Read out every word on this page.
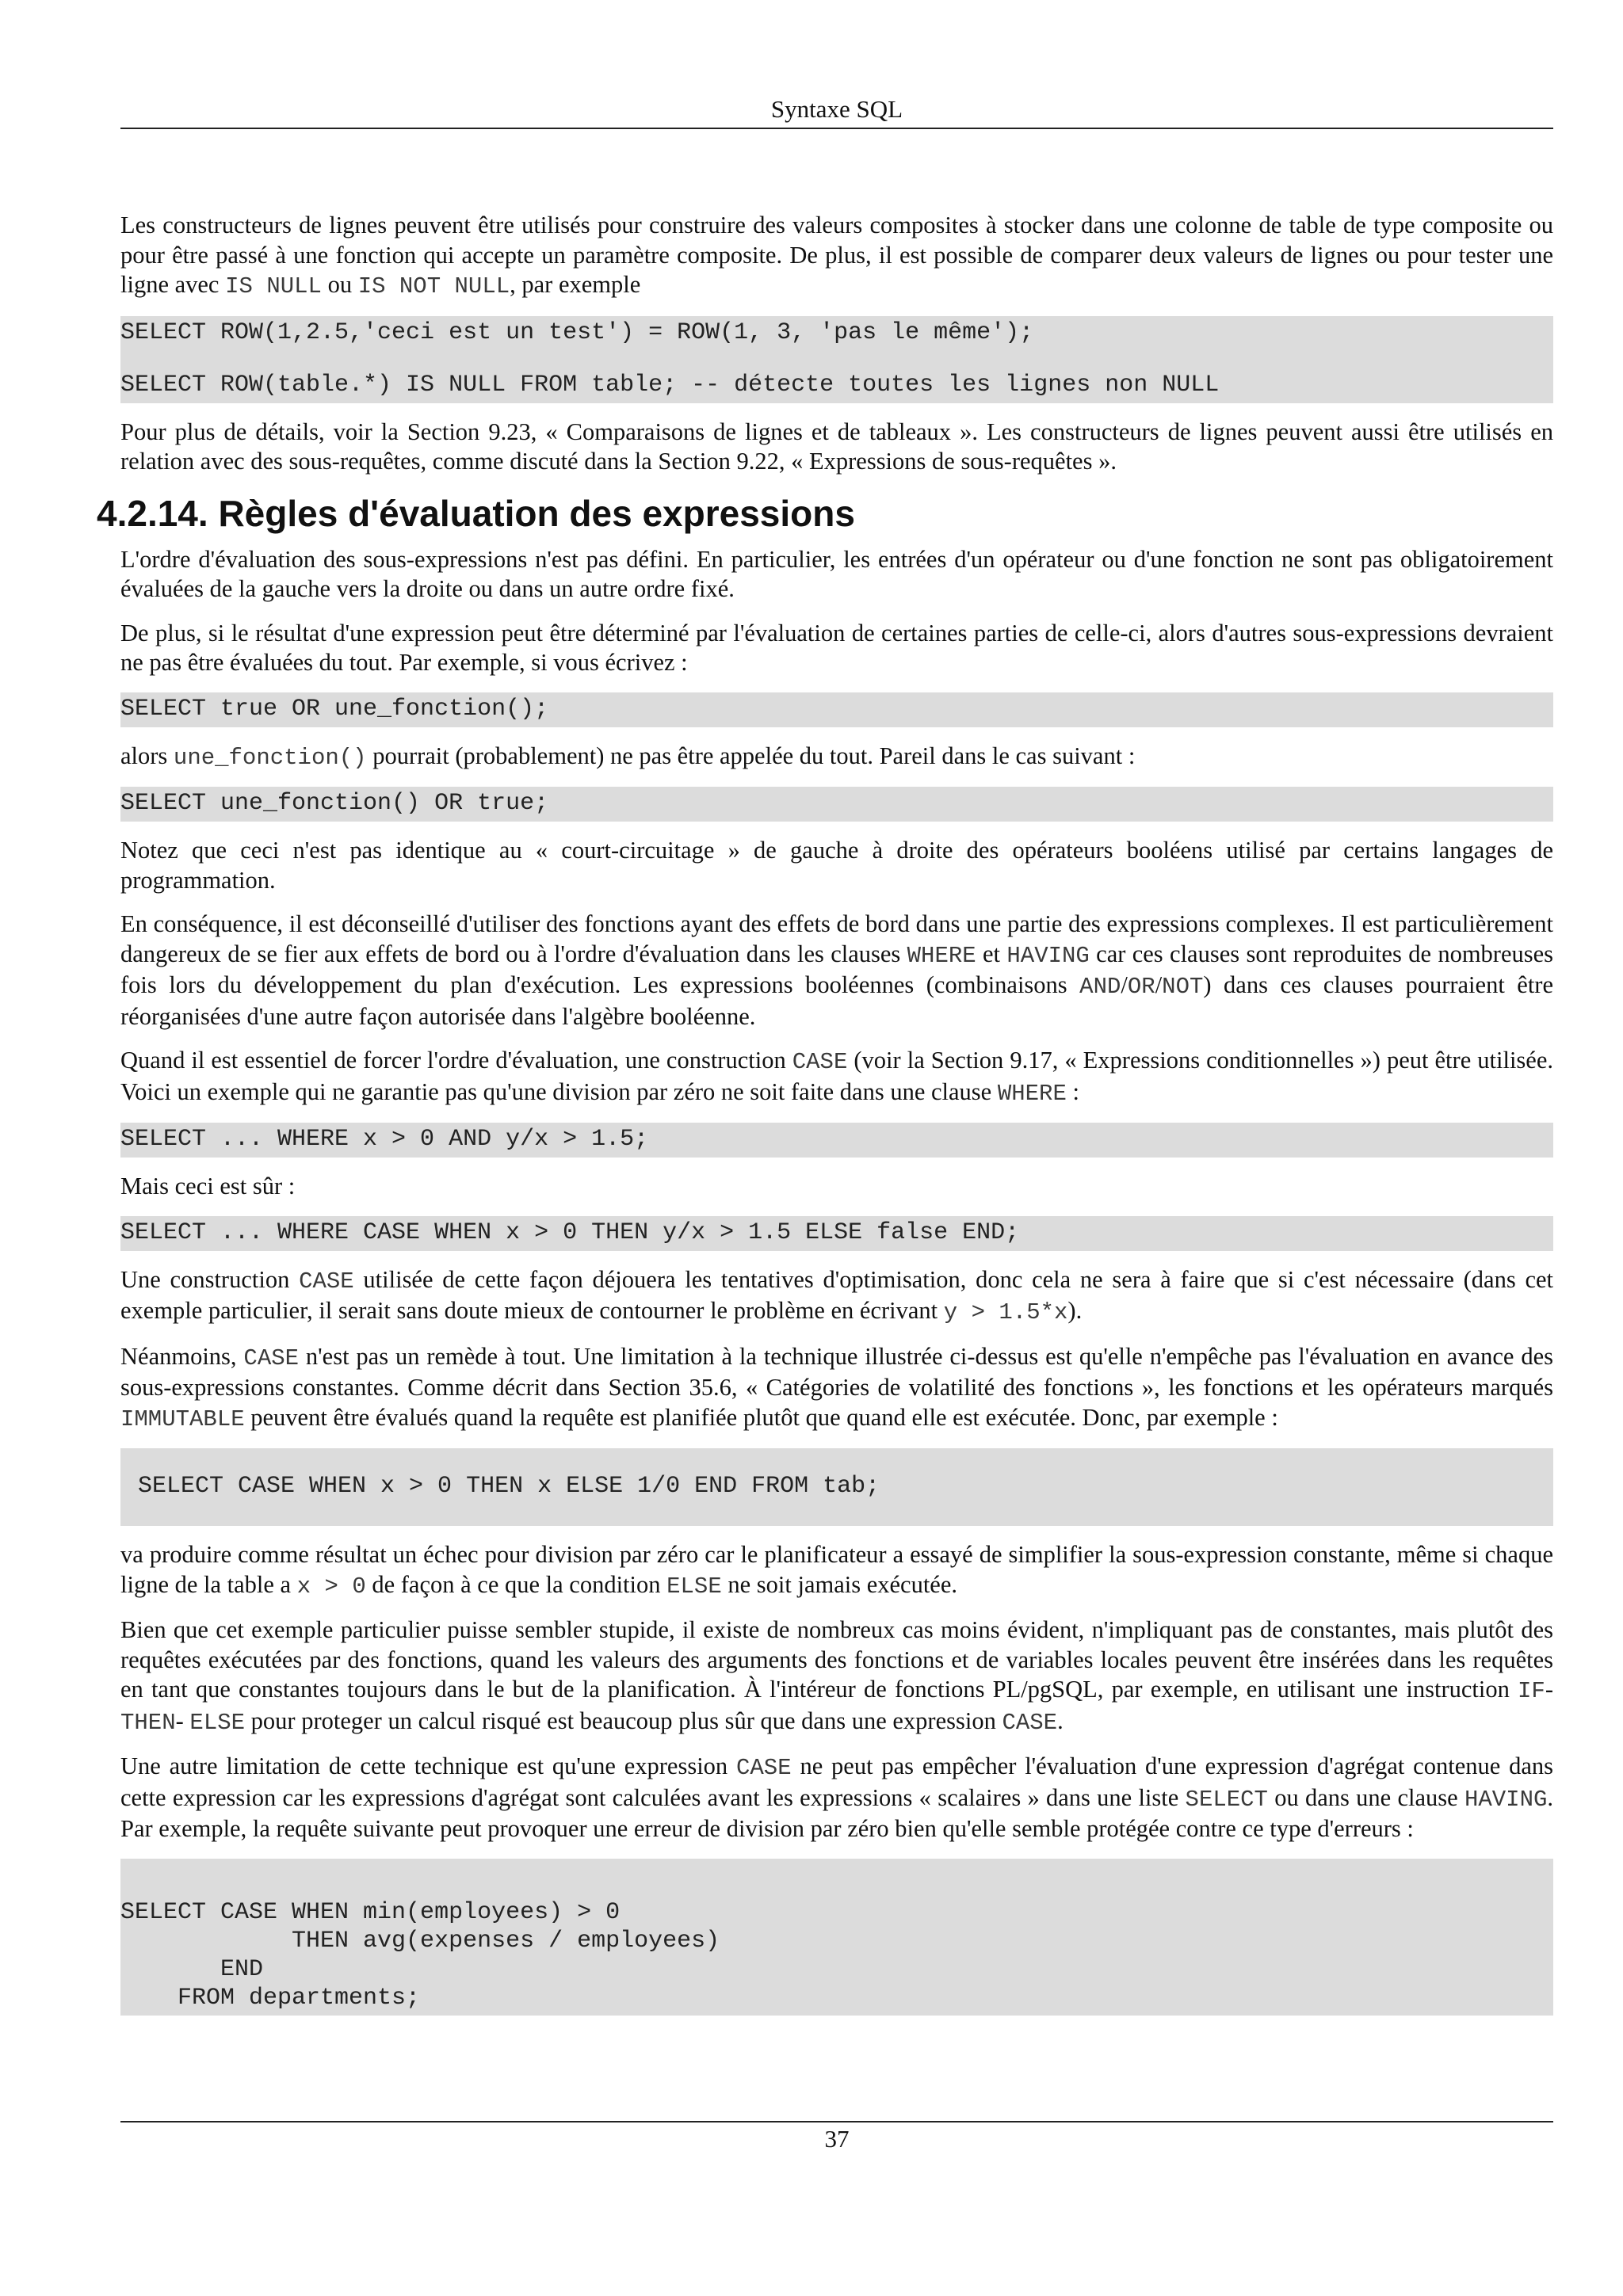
Syntaxe SQL

Les constructeurs de lignes peuvent être utilisés pour construire des valeurs composites à stocker dans une colonne de table de type composite ou pour être passé à une fonction qui accepte un paramètre composite. De plus, il est possible de comparer deux valeurs de lignes ou pour tester une ligne avec IS NULL ou IS NOT NULL, par exemple

SELECT ROW(1,2.5,'ceci est un test') = ROW(1, 3, 'pas le même');
SELECT ROW(table.*) IS NULL FROM table; -- détecte toutes les lignes non NULL

Pour plus de détails, voir la Section 9.23, « Comparaisons de lignes et de tableaux ». Les constructeurs de lignes peuvent aussi être utilisés en relation avec des sous-requêtes, comme discuté dans la Section 9.22, « Expressions de sous-requêtes ».

4.2.14. Règles d'évaluation des expressions

L'ordre d'évaluation des sous-expressions n'est pas défini. En particulier, les entrées d'un opérateur ou d'une fonction ne sont pas obligatoirement évaluées de la gauche vers la droite ou dans un autre ordre fixé.

De plus, si le résultat d'une expression peut être déterminé par l'évaluation de certaines parties de celle-ci, alors d'autres sous-expressions devraient ne pas être évaluées du tout. Par exemple, si vous écrivez :

SELECT true OR une_fonction();

alors une_fonction() pourrait (probablement) ne pas être appelée du tout. Pareil dans le cas suivant :

SELECT une_fonction() OR true;

Notez que ceci n'est pas identique au « court-circuitage » de gauche à droite des opérateurs booléens utilisé par certains langages de programmation.

En conséquence, il est déconseillé d'utiliser des fonctions ayant des effets de bord dans une partie des expressions complexes. Il est particulièrement dangereux de se fier aux effets de bord ou à l'ordre d'évaluation dans les clauses WHERE et HAVING car ces clauses sont reproduites de nombreuses fois lors du développement du plan d'exécution. Les expressions booléennes (combinaisons AND/OR/NOT) dans ces clauses pourraient être réorganisées d'une autre façon autorisée dans l'algèbre booléenne.

Quand il est essentiel de forcer l'ordre d'évaluation, une construction CASE (voir la Section 9.17, « Expressions conditionnelles ») peut être utilisée. Voici un exemple qui ne garantie pas qu'une division par zéro ne soit faite dans une clause WHERE :

SELECT ... WHERE x > 0 AND y/x > 1.5;

Mais ceci est sûr :

SELECT ... WHERE CASE WHEN x > 0 THEN y/x > 1.5 ELSE false END;

Une construction CASE utilisée de cette façon déjouera les tentatives d'optimisation, donc cela ne sera à faire que si c'est nécessaire (dans cet exemple particulier, il serait sans doute mieux de contourner le problème en écrivant y > 1.5*x).

Néanmoins, CASE n'est pas un remède à tout. Une limitation à la technique illustrée ci-dessus est qu'elle n'empêche pas l'évaluation en avance des sous-expressions constantes. Comme décrit dans Section 35.6, « Catégories de volatilité des fonctions », les fonctions et les opérateurs marqués IMMUTABLE peuvent être évalués quand la requête est planifiée plutôt que quand elle est exécutée. Donc, par exemple :

SELECT CASE WHEN x > 0 THEN x ELSE 1/0 END FROM tab;

va produire comme résultat un échec pour division par zéro car le planificateur a essayé de simplifier la sous-expression constante, même si chaque ligne de la table a x > 0 de façon à ce que la condition ELSE ne soit jamais exécutée.

Bien que cet exemple particulier puisse sembler stupide, il existe de nombreux cas moins évident, n'impliquant pas de constantes, mais plutôt des requêtes exécutées par des fonctions, quand les valeurs des arguments des fonctions et de variables locales peuvent être insérées dans les requêtes en tant que constantes toujours dans le but de la planification. À l'intéreur de fonctions PL/pgSQL, par exemple, en utilisant une instruction IF-THEN- ELSE pour proteger un calcul risqué est beaucoup plus sûr que dans une expression CASE.

Une autre limitation de cette technique est qu'une expression CASE ne peut pas empêcher l'évaluation d'une expression d'agrégat contenue dans cette expression car les expressions d'agrégat sont calculées avant les expressions « scalaires » dans une liste SELECT ou dans une clause HAVING. Par exemple, la requête suivante peut provoquer une erreur de division par zéro bien qu'elle semble protégée contre ce type d'erreurs :

SELECT CASE WHEN min(employees) > 0
THEN avg(expenses / employees)
END
FROM departments;
37
